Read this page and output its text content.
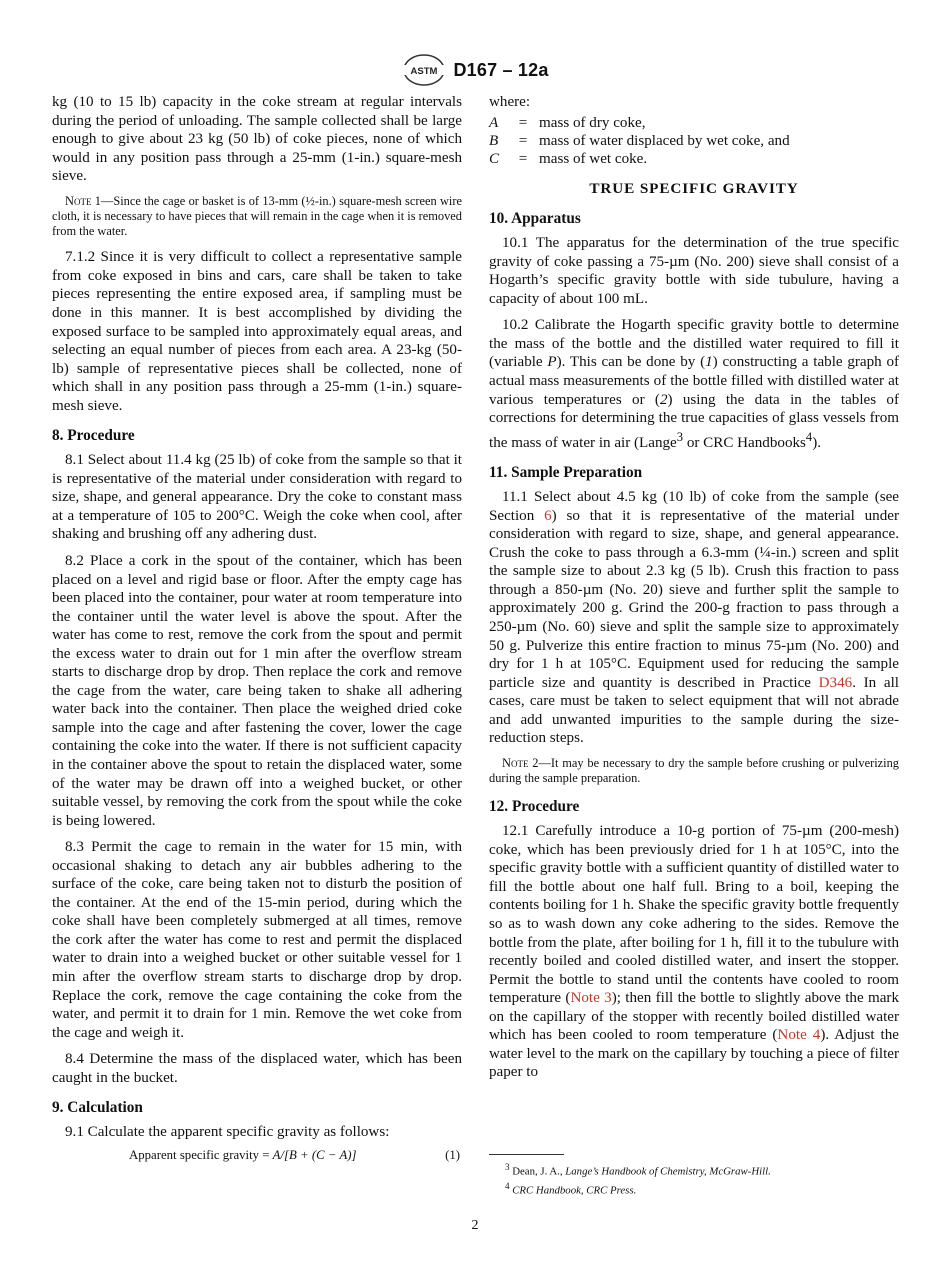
ASTM D167 – 12a

kg (10 to 15 lb) capacity in the coke stream at regular intervals during the period of unloading. The sample collected shall be large enough to give about 23 kg (50 lb) of coke pieces, none of which would in any position pass through a 25-mm (1-in.) square-mesh sieve.

Note 1—Since the cage or basket is of 13-mm (½-in.) square-mesh screen wire cloth, it is necessary to have pieces that will remain in the cage when it is removed from the water.

7.1.2 Since it is very difficult to collect a representative sample from coke exposed in bins and cars, care shall be taken to take pieces representing the entire exposed area, if sampling must be done in this manner. It is best accomplished by dividing the exposed surface to be sampled into approximately equal areas, and selecting an equal number of pieces from each area. A 23-kg (50-lb) sample of representative pieces shall be collected, none of which shall in any position pass through a 25-mm (1-in.) square-mesh sieve.

8. Procedure

8.1 Select about 11.4 kg (25 lb) of coke from the sample so that it is representative of the material under consideration with regard to size, shape, and general appearance. Dry the coke to constant mass at a temperature of 105 to 200°C. Weigh the coke when cool, after shaking and brushing off any adhering dust.

8.2 Place a cork in the spout of the container, which has been placed on a level and rigid base or floor. After the empty cage has been placed into the container, pour water at room temperature into the container until the water level is above the spout. After the water has come to rest, remove the cork from the spout and permit the excess water to drain out for 1 min after the overflow stream starts to discharge drop by drop. Then replace the cork and remove the cage from the water, care being taken to shake all adhering water back into the container. Then place the weighed dried coke sample into the cage and after fastening the cover, lower the cage containing the coke into the water. If there is not sufficient capacity in the container above the spout to retain the displaced water, some of the water may be drawn off into a weighed bucket, or other suitable vessel, by removing the cork from the spout while the coke is being lowered.

8.3 Permit the cage to remain in the water for 15 min, with occasional shaking to detach any air bubbles adhering to the surface of the coke, care being taken not to disturb the position of the container. At the end of the 15-min period, during which the coke shall have been completely submerged at all times, remove the cork after the water has come to rest and permit the displaced water to drain into a weighed bucket or other suitable vessel for 1 min after the overflow stream starts to discharge drop by drop. Replace the cork, remove the cage containing the coke from the water, and permit it to drain for 1 min. Remove the wet coke from the cage and weigh it.

8.4 Determine the mass of the displaced water, which has been caught in the bucket.

9. Calculation

9.1 Calculate the apparent specific gravity as follows:

Apparent specific gravity = A/[B + (C − A)]	(1)

where:

A	= mass of dry coke,
B	= mass of water displaced by wet coke, and
C	= mass of wet coke.
TRUE SPECIFIC GRAVITY
10. Apparatus

10.1 The apparatus for the determination of the true specific gravity of coke passing a 75-µm (No. 200) sieve shall consist of a Hogarth’s specific gravity bottle with side tubulure, having a capacity of about 100 mL.

10.2 Calibrate the Hogarth specific gravity bottle to determine the mass of the bottle and the distilled water required to fill it (variable P). This can be done by (1) constructing a table graph of actual mass measurements of the bottle filled with distilled water at various temperatures or (2) using the data in the tables of corrections for determining the true capacities of glass vessels from the mass of water in air (Lange$^3$ or CRC Handbooks$^4$).

11. Sample Preparation

11.1 Select about 4.5 kg (10 lb) of coke from the sample (see Section 6) so that it is representative of the material under consideration with regard to size, shape, and general appearance. Crush the coke to pass through a 6.3-mm (¼-in.) screen and split the sample size to about 2.3 kg (5 lb). Crush this fraction to pass through a 850-µm (No. 20) sieve and further split the sample to approximately 200 g. Grind the 200-g fraction to pass through a 250-µm (No. 60) sieve and split the sample size to approximately 50 g. Pulverize this entire fraction to minus 75-µm (No. 200) and dry for 1 h at 105°C. Equipment used for reducing the sample particle size and quantity is described in Practice D346. In all cases, care must be taken to select equipment that will not abrade and add unwanted impurities to the sample during the size-reduction steps.

Note 2—It may be necessary to dry the sample before crushing or pulverizing during the sample preparation.

12. Procedure

12.1 Carefully introduce a 10-g portion of 75-µm (200-mesh) coke, which has been previously dried for 1 h at 105°C, into the specific gravity bottle with a sufficient quantity of distilled water to fill the bottle about one half full. Bring to a boil, keeping the contents boiling for 1 h. Shake the specific gravity bottle frequently so as to wash down any coke adhering to the sides. Remove the bottle from the plate, after boiling for 1 h, fill it to the tubulure with recently boiled and cooled distilled water, and insert the stopper. Permit the bottle to stand until the contents have cooled to room temperature (Note 3); then fill the bottle to slightly above the mark on the capillary of the stopper with recently boiled distilled water which has been cooled to room temperature (Note 4). Adjust the water level to the mark on the capillary by touching a piece of filter paper to

$^3$ Dean, J. A., Lange’s Handbook of Chemistry, McGraw-Hill.
$^4$ CRC Handbook, CRC Press.
2
